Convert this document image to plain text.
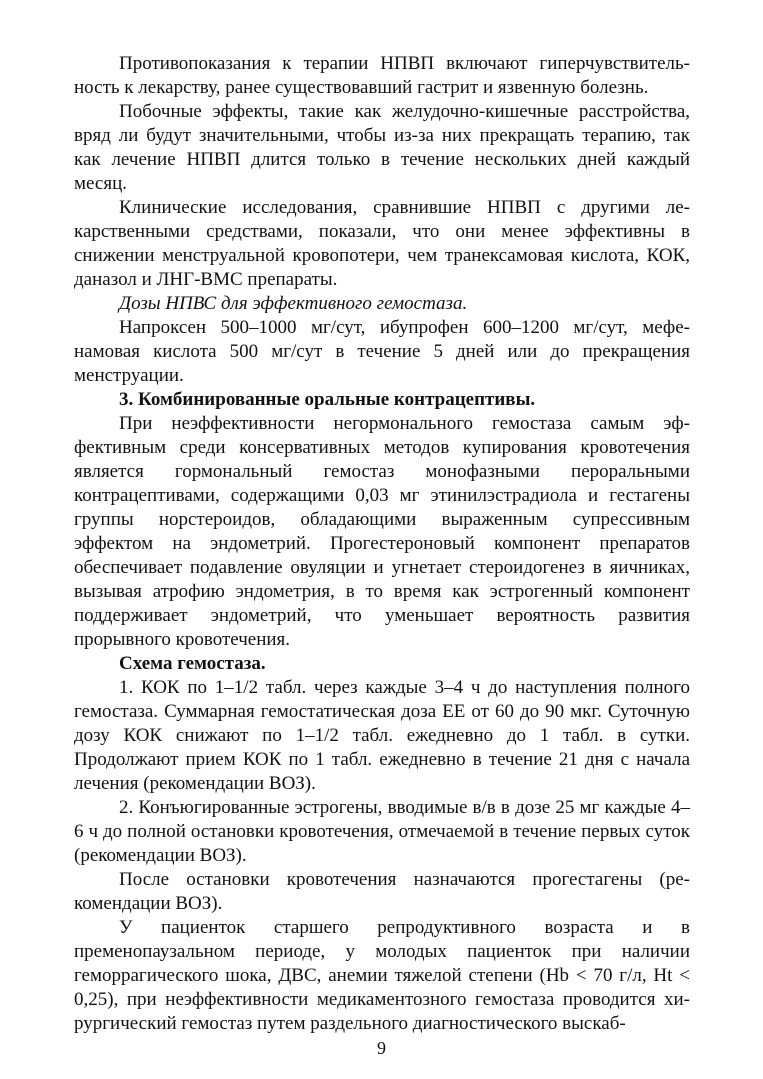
Противопоказания к терапии НПВП включают гиперчувствительность к лекарству, ранее существовавший гастрит и язвенную болезнь.

Побочные эффекты, такие как желудочно-кишечные расстройства, вряд ли будут значительными, чтобы из-за них прекращать терапию, так как лечение НПВП длится только в течение нескольких дней каждый месяц.

Клинические исследования, сравнившие НПВП с другими лекарственными средствами, показали, что они менее эффективны в снижении менструальной кровопотери, чем транексамовая кислота, КОК, даназол и ЛНГ-ВМС препараты.

Дозы НПВС для эффективного гемостаза.

Напроксен 500–1000 мг/сут, ибупрофен 600–1200 мг/сут, мефенамовая кислота 500 мг/сут в течение 5 дней или до прекращения менструации.

3. Комбинированные оральные контрацептивы.

При неэффективности негормонального гемостаза самым эффективным среди консервативных методов купирования кровотечения является гормональный гемостаз монофазными пероральными контрацептивами, содержащими 0,03 мг этинилэстрадиола и гестагены группы норстероидов, обладающими выраженным супрессивным эффектом на эндометрий. Прогестероновый компонент препаратов обеспечивает подавление овуляции и угнетает стероидогенез в яичниках, вызывая атрофию эндометрия, в то время как эстрогенный компонент поддерживает эндометрий, что уменьшает вероятность развития прорывного кровотечения.

Схема гемостаза.

1. КОК по 1–1/2 табл. через каждые 3–4 ч до наступления полного гемостаза. Суммарная гемостатическая доза ЕЕ от 60 до 90 мкг. Суточную дозу КОК снижают по 1–1/2 табл. ежедневно до 1 табл. в сутки. Продолжают прием КОК по 1 табл. ежедневно в течение 21 дня с начала лечения (рекомендации ВОЗ).

2. Конъюгированные эстрогены, вводимые в/в в дозе 25 мг каждые 4–6 ч до полной остановки кровотечения, отмечаемой в течение первых суток (рекомендации ВОЗ).

После остановки кровотечения назначаются прогестагены (рекомендации ВОЗ).

У пациенток старшего репродуктивного возраста и в пременопаузальном периоде, у молодых пациенток при наличии геморрагического шока, ДВС, анемии тяжелой степени (Hb < 70 г/л, Ht < 0,25), при неэффективности медикаментозного гемостаза проводится хирургический гемостаз путем раздельного диагностического выскаб-

9
